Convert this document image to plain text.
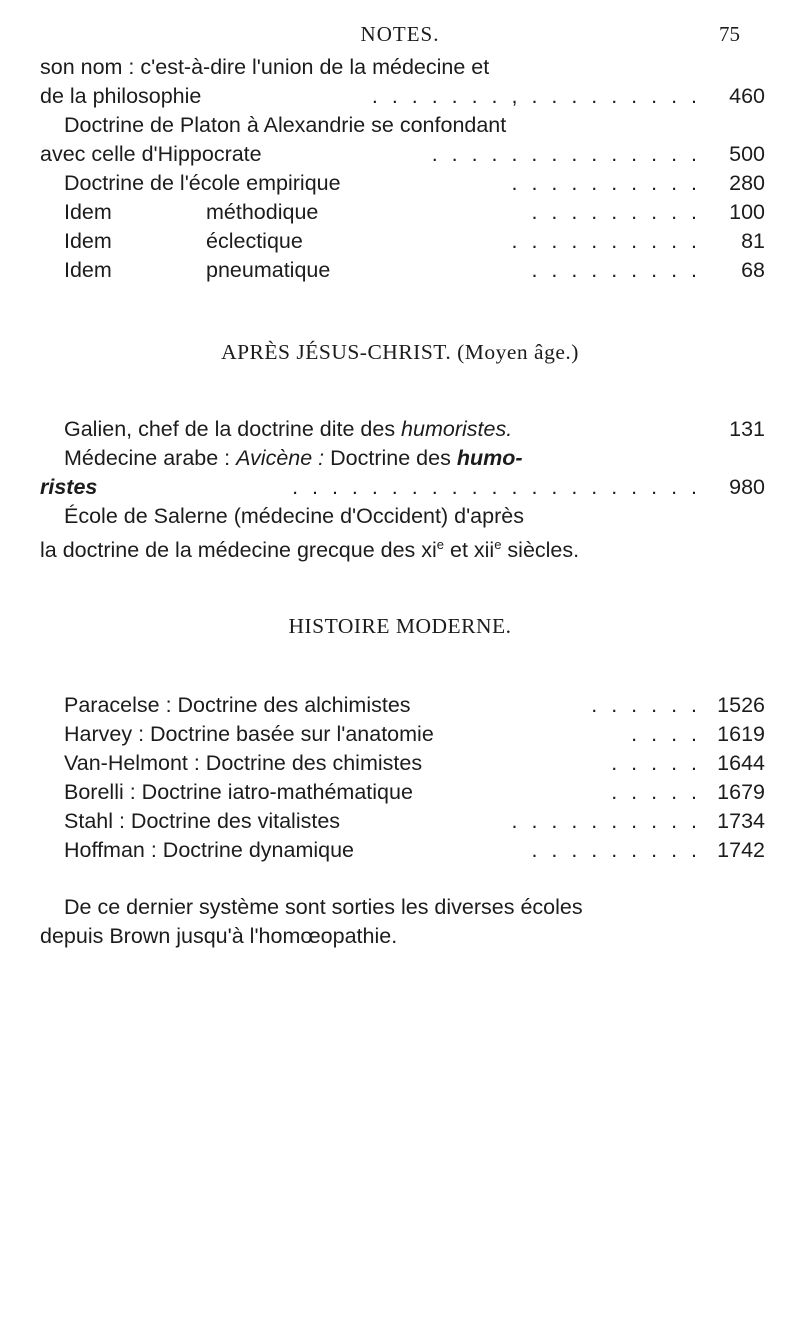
NOTES.	75
son nom : c'est-à-dire l'union de la médecine et
de la philosophie	. . . . . . . , . . . . . . . . . 460
Doctrine de Platon à Alexandrie se confondant
avec celle d'Hippocrate	. . . . . . . . . . . . . . 500
Doctrine de l'école empirique	. . . . . . . . . . 280
Idem	méthodique	. . . . . . . . . 100
Idem	éclectique	. . . . . . . . . . 81
Idem	pneumatique	. . . . . . . . . 68
APRÈS JÉSUS-CHRIST. (Moyen âge.)
Galien, chef de la doctrine dite des humoristes.	131
Médecine arabe : Avicène : Doctrine des humo-
ristes	. . . . . . . . . . . . . . . . . . . . . 980
École de Salerne (médecine d'Occident) d'après
la doctrine de la médecine grecque des $xi^e$ et xii$^e$ siècles.
HISTOIRE MODERNE.
Paracelse : Doctrine des alchimistes	. . . . . . 1526
Harvey : Doctrine basée sur l'anatomie	. . . . 1619
Van-Helmont : Doctrine des chimistes	. . . . . 1644
Borelli : Doctrine iatro-mathématique	. . . . . 1679
Stahl : Doctrine des vitalistes	. . . . . . . . . . 1734
Hoffman : Doctrine dynamique	. . . . . . . . . 1742
De ce dernier système sont sorties les diverses écoles
depuis Brown jusqu'à l'homœopathie.
